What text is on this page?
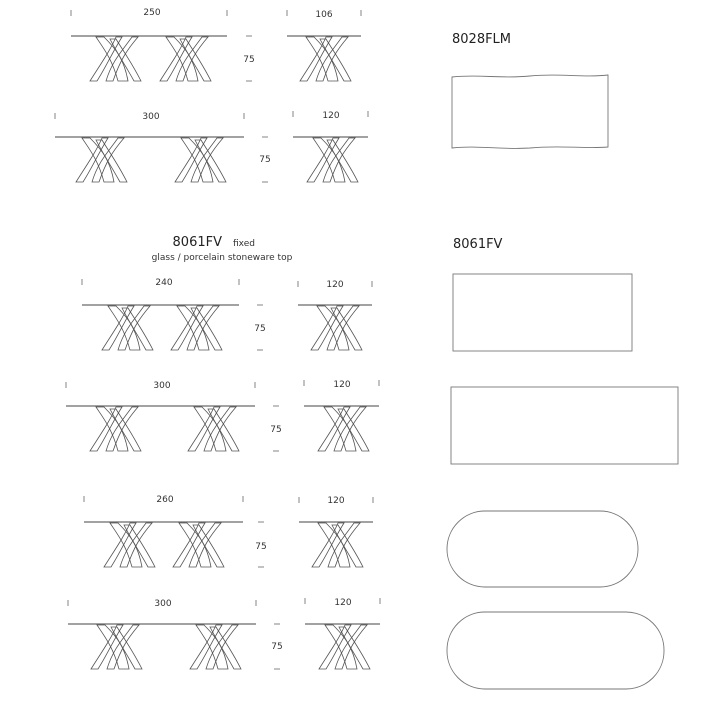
250
75
106
300
75
120
8028FLM
8061FV fixed
glass / porcelain stoneware top
240
75
120
300
75
120
260
75
120
300
75
120
8061FV
